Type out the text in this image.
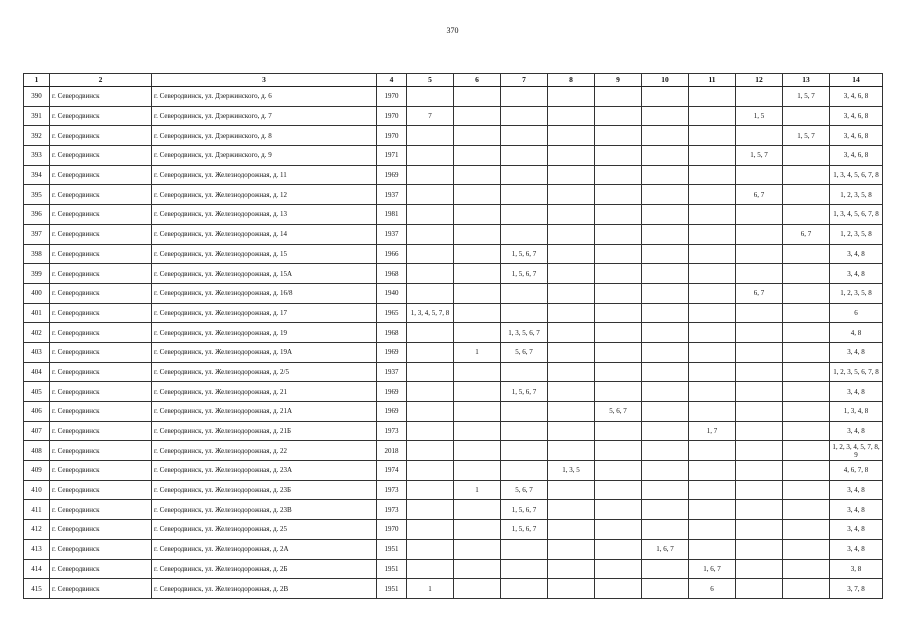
370
1	2	3	4	5	6	7	8	9	10	11	12	13	14
390	г. Северодвинск	г. Северодвинск, ул. Дзержинского, д. 6	1970									1, 5, 7	3, 4, 6, 8
391	г. Северодвинск	г. Северодвинск, ул. Дзержинского, д. 7	1970	7							1, 5		3, 4, 6, 8
392	г. Северодвинск	г. Северодвинск, ул. Дзержинского, д. 8	1970									1, 5, 7	3, 4, 6, 8
393	г. Северодвинск	г. Северодвинск, ул. Дзержинского, д. 9	1971								1, 5, 7		3, 4, 6, 8
394	г. Северодвинск	г. Северодвинск, ул. Железнодорожная, д. 11	1969										1, 3, 4, 5, 6, 7, 8
395	г. Северодвинск	г. Северодвинск, ул. Железнодорожная, д. 12	1937								6, 7		1, 2, 3, 5, 8
396	г. Северодвинск	г. Северодвинск, ул. Железнодорожная, д. 13	1981										1, 3, 4, 5, 6, 7, 8
397	г. Северодвинск	г. Северодвинск, ул. Железнодорожная, д. 14	1937									6, 7	1, 2, 3, 5, 8
398	г. Северодвинск	г. Северодвинск, ул. Железнодорожная, д. 15	1966			1, 5, 6, 7							3, 4, 8
399	г. Северодвинск	г. Северодвинск, ул. Железнодорожная, д. 15А	1968			1, 5, 6, 7							3, 4, 8
400	г. Северодвинск	г. Северодвинск, ул. Железнодорожная, д. 16/8	1940								6, 7		1, 2, 3, 5, 8
401	г. Северодвинск	г. Северодвинск, ул. Железнодорожная, д. 17	1965	1, 3, 4, 5, 7, 8									6
402	г. Северодвинск	г. Северодвинск, ул. Железнодорожная, д. 19	1968			1, 3, 5, 6, 7							4, 8
403	г. Северодвинск	г. Северодвинск, ул. Железнодорожная, д. 19А	1969		1	5, 6, 7							3, 4, 8
404	г. Северодвинск	г. Северодвинск, ул. Железнодорожная, д. 2/5	1937										1, 2, 3, 5, 6, 7, 8
405	г. Северодвинск	г. Северодвинск, ул. Железнодорожная, д. 21	1969			1, 5, 6, 7							3, 4, 8
406	г. Северодвинск	г. Северодвинск, ул. Железнодорожная, д. 21А	1969					5, 6, 7					1, 3, 4, 8
407	г. Северодвинск	г. Северодвинск, ул. Железнодорожная, д. 21Б	1973							1, 7			3, 4, 8
408	г. Северодвинск	г. Северодвинск, ул. Железнодорожная, д. 22	2018										1, 2, 3, 4, 5, 7, 8, 9
409	г. Северодвинск	г. Северодвинск, ул. Железнодорожная, д. 23А	1974				1, 3, 5						4, 6, 7, 8
410	г. Северодвинск	г. Северодвинск, ул. Железнодорожная, д. 23Б	1973		1	5, 6, 7							3, 4, 8
411	г. Северодвинск	г. Северодвинск, ул. Железнодорожная, д. 23В	1973			1, 5, 6, 7							3, 4, 8
412	г. Северодвинск	г. Северодвинск, ул. Железнодорожная, д. 25	1970			1, 5, 6, 7							3, 4, 8
413	г. Северодвинск	г. Северодвинск, ул. Железнодорожная, д. 2А	1951						1, 6, 7				3, 4, 8
414	г. Северодвинск	г. Северодвинск, ул. Железнодорожная, д. 2Б	1951							1, 6, 7			3, 8
415	г. Северодвинск	г. Северодвинск, ул. Железнодорожная, д. 2В	1951	1						6			3, 7, 8
